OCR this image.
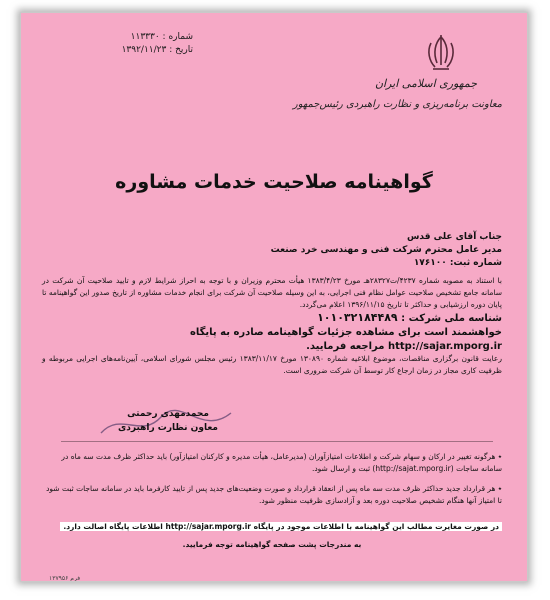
شماره : ۱۱۳۳۳۰
تاریخ : ۱۳۹۲/۱۱/۲۳
جمهوری اسلامی ایران
معاونت برنامه‌ریزی و نظارت راهبردی رئیس‌جمهور
گواهینامه صلاحیت خدمات مشاوره
جناب آقای علی قدس
مدیر عامل محترم شرکت فنی و مهندسی خرد صنعت
شماره ثبت: ۱۷۶۱۰۰
با استناد به مصوبه شماره ۴۲۳۷/ت۲۸۳۲۷هـ مورخ ۱۳۸۳/۴/۲۳ هیأت محترم وزیران و با توجه به احراز شرایط لازم و تایید صلاحیت آن شرکت در سامانه جامع تشخیص صلاحیت عوامل نظام فنی اجرایی، به این وسیله صلاحیت آن شرکت برای انجام خدمات مشاوره از تاریخ صدور این گواهینامه تا پایان دوره ارزشیابی و حداکثر تا تاریخ ۱۳۹۶/۱۱/۱۵ اعلام می‌گردد.
شناسه ملی شرکت : ۱۰۱۰۳۲۱۸۴۴۸۹
خواهشمند است برای مشاهده جزئیات گواهینامه صادره به پایگاه
http://sajar.mporg.ir مراجعه فرمایید.
رعایت قانون برگزاری مناقصات، موضوع ابلاغیه شماره ۱۳۰۸۹۰ مورخ ۱۳۸۳/۱۱/۱۷ رئیس مجلس شورای اسلامی، آیین‌نامه‌های اجرایی مربوطه و ظرفیت کاری مجاز در زمان ارجاع کار توسط آن شرکت ضروری است.
محمدمهدی رحمتی
معاون نظارت راهبردی
٭ هرگونه تغییر در ارکان و سهام شرکت و اطلاعات امتیازآوران (مدیرعامل، هیأت مدیره و کارکنان امتیازآور) باید حداکثر ظرف مدت سه ماه در سامانه ساجات (http://sajat.mporg.ir) ثبت و ارسال شود.
٭ هر قرارداد جدید حداکثر ظرف مدت سه ماه پس از انعقاد قرارداد و صورت وضعیت‌های جدید پس از تایید کارفرما باید در سامانه ساجات ثبت شود تا امتیاز آنها هنگام تشخیص صلاحیت دوره بعد و آزادسازی ظرفیت منظور شود.
در صورت مغایرت مطالب این گواهینامه با اطلاعات موجود در پایگاه http://sajar.mporg.ir اطلاعات پایگاه اصالت دارد.
به مندرجات پشت صفحه گواهینامه توجه فرمایید.
فرم ۱۳۷۹۵۶
